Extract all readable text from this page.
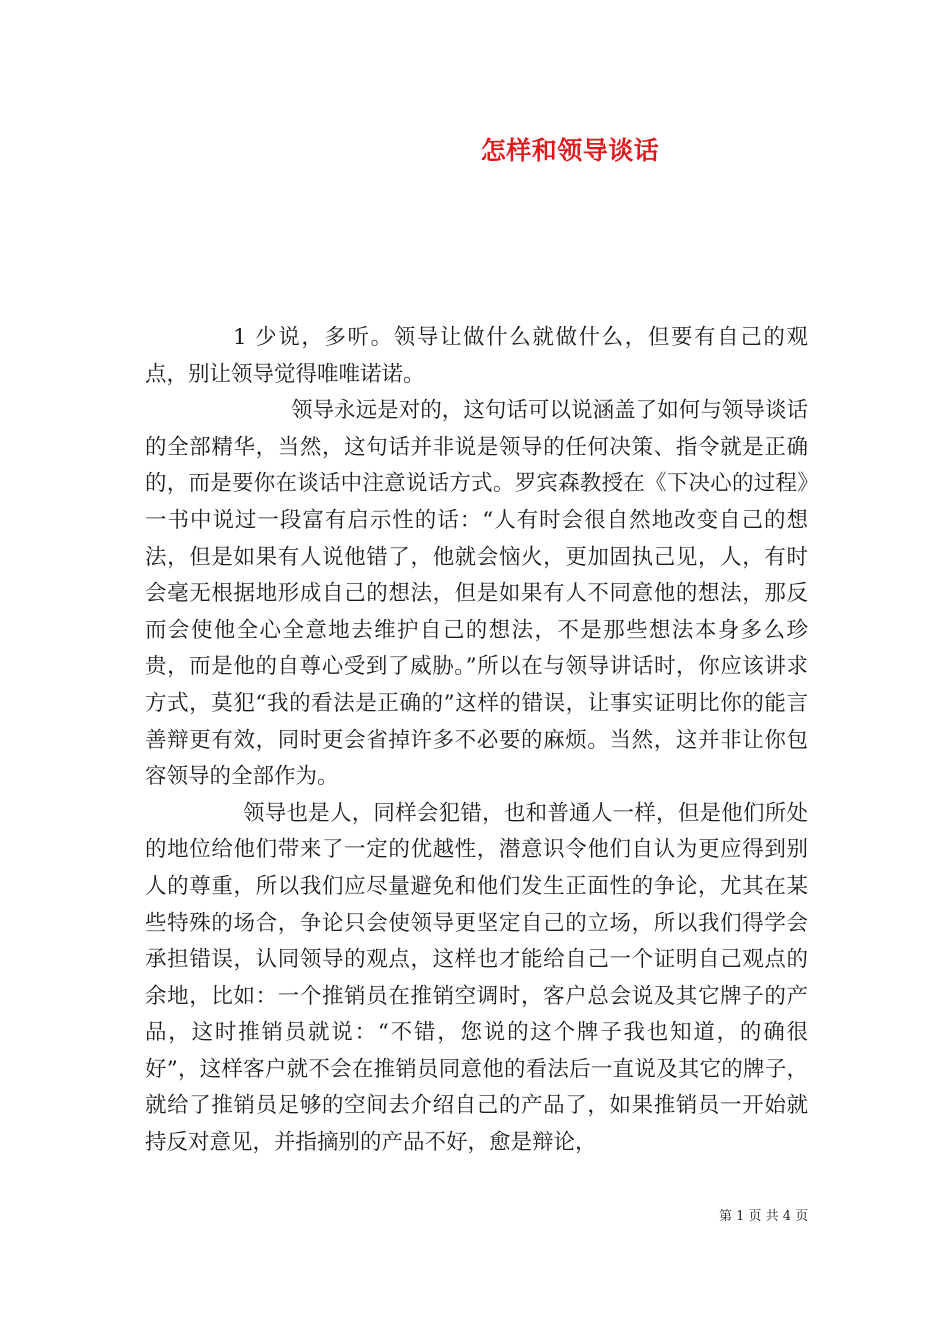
怎样和领导谈话

1 少说，多听。领导让做什么就做什么，但要有自己的观点，别让领导觉得唯唯诺诺。

领导永远是对的，这句话可以说涵盖了如何与领导谈话的全部精华，当然，这句话并非说是领导的任何决策、指令就是正确的，而是要你在谈话中注意说话方式。罗宾森教授在《下决心的过程》一书中说过一段富有启示性的话：“人有时会很自然地改变自己的想法，但是如果有人说他错了，他就会恼火，更加固执己见，人，有时会毫无根据地形成自己的想法，但是如果有人不同意他的想法，那反而会使他全心全意地去维护自己的想法，不是那些想法本身多么珍贵，而是他的自尊心受到了威胁。”所以在与领导讲话时，你应该讲求方式，莫犯“我的看法是正确的”这样的错误，让事实证明比你的能言善辩更有效，同时更会省掉许多不必要的麻烦。当然，这并非让你包容领导的全部作为。

领导也是人，同样会犯错，也和普通人一样，但是他们所处的地位给他们带来了一定的优越性，潜意识令他们自认为更应得到别人的尊重，所以我们应尽量避免和他们发生正面性的争论，尤其在某些特殊的场合，争论只会使领导更坚定自己的立场，所以我们得学会承担错误，认同领导的观点，这样也才能给自己一个证明自己观点的余地，比如：一个推销员在推销空调时，客户总会说及其它牌子的产品，这时推销员就说：“不错，您说的这个牌子我也知道，的确很好”，这样客户就不会在推销员同意他的看法后一直说及其它的牌子，就给了推销员足够的空间去介绍自己的产品了，如果推销员一开始就持反对意见，并指摘别的产品不好，愈是辩论，

第 1 页 共 4 页
